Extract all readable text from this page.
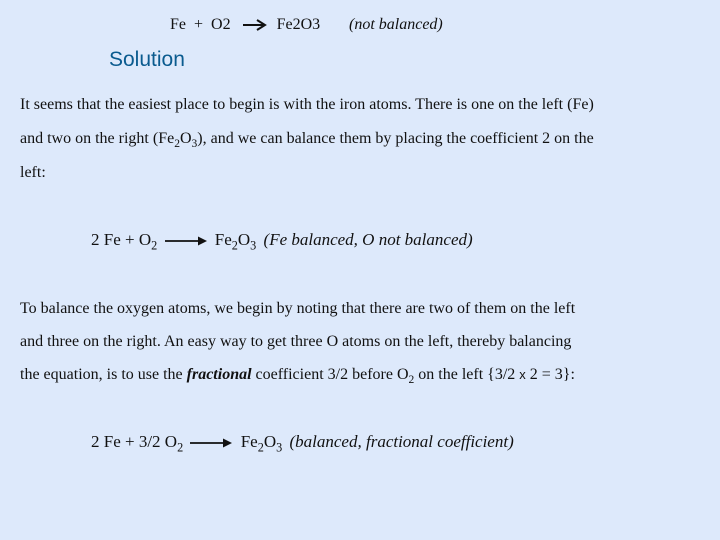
Fe + O2	Fe2O3 (not balanced)
Solution
It seems that the easiest place to begin is with the iron atoms. There is one on the left (Fe)
and two on the right $(Fe_2O_3)$, and we can balance them by placing the coefficient 2 on the
left:
2 $Fe + O_2$	$Fe_2O_3$ (Fe balanced, O not balanced)
To balance the oxygen atoms, we begin by noting that there are two of them on the left
and three on the right. An easy way to get three O atoms on the left, thereby balancing
the equation, is to use the fractional coefficient 3/2 before $O_2$ on the left {3/2 x 2 = 3}:
2 Fe + 3/2 $O_2$	$Fe_2O_3$ (balanced, fractional coefficient)
